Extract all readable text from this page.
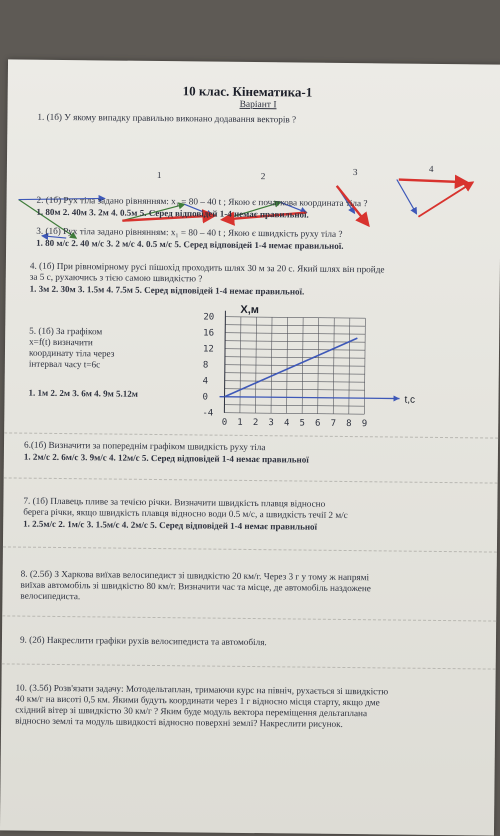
10 клас. Кінематика-1
Варіант І
1. (1б) У якому випадку правильно виконано додавання векторів ?
1	2	3	4
2. (1б) Рух тіла задано рівнянням: x₁ = 80 – 40 t ; Якою є початкова координата тіла ?
1. 80м 2. 40м 3. 2м 4. 0.5м 5. Серед відповідей 1-4 немає правильної.
3. (1б) Рух тіла задано рівнянням: x₁ = 80 – 40 t ; Якою є швидкість руху тіла ?
1. 80 м/с 2. 40 м/с 3. 2 м/с 4. 0.5 м/с 5. Серед відповідей 1-4 немає правильної.
4. (1б) При рівномірному русі пішохід проходить шлях 30 м за 20 с. Який шлях він пройде
за 5 с, рухаючись з тією самою швидкістю ?
1. 3м 2. 30м 3. 1.5м 4. 7.5м 5. Серед відповідей 1-4 немає правильної.
5. (1б) За графіком
x=f(t) визначити
координату тіла через
інтервал часу t=6с
1. 1м 2. 2м 3. 6м 4. 9м 5.12м
X,м
t,c
20
16
12
8
4
0
-4
0 1 2 3 4 5 6 7 8 9
6.(1б) Визначити за попереднім графіком швидкість руху тіла
1. 2м/с 2. 6м/с 3. 9м/с 4. 12м/с 5. Серед відповідей 1-4 немає правильної
7. (1б) Плавець пливе за течією річки. Визначити швидкість плавця відносно
берега річки, якщо швидкість плавця відносно води 0.5 м/с, а швидкість течії 2 м/с
1. 2.5м/с 2. 1м/с 3. 1.5м/с 4. 2м/с 5. Серед відповідей 1-4 немає правильної
8. (2.5б) З Харкова виїхав велосипедист зі швидкістю 20 км/г. Через 3 г у тому ж напрямі
виїхав автомобіль зі швидкістю 80 км/г. Визначити час та місце, де автомобіль наздожене
велосипедиста.
9. (2б) Накреслити графіки рухів велосипедиста та автомобіля.
10. (3.5б) Розв'язати задачу: Мотодельтаплан, тримаючи курс на північ, рухається зі швидкістю
40 км/г на висоті 0,5 км. Якими будуть координати через 1 г відносно місця старту, якщо дме
східний вітер зі швидкістю 30 км/г ? Яким буде модуль вектора переміщення дельтаплана
відносно землі та модуль швидкості відносно поверхні землі? Накреслити рисунок.
